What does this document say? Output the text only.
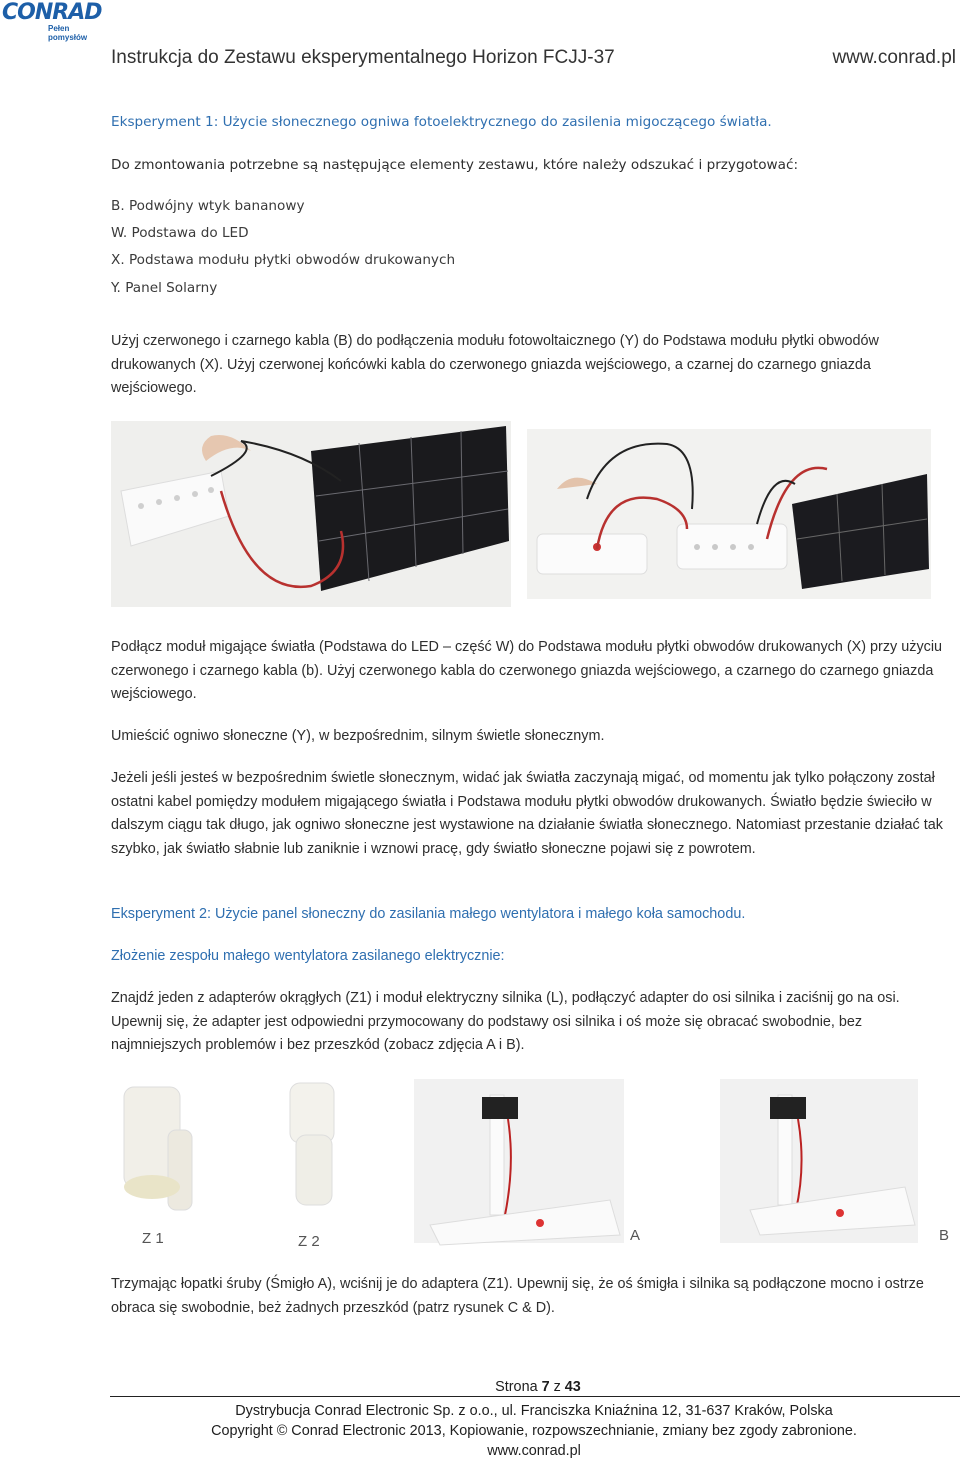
CONRAD
Pełen pomysłów
Instrukcja do Zestawu eksperymentalnego Horizon FCJJ-37	www.conrad.pl
Eksperyment 1: Użycie słonecznego ogniwa fotoelektrycznego do zasilenia migoczącego światła.
Do zmontowania potrzebne są następujące elementy zestawu, które należy odszukać i przygotować:
B. Podwójny wtyk bananowy
W. Podstawa do LED
X. Podstawa modułu płytki obwodów drukowanych
Y. Panel Solarny
Użyj czerwonego i czarnego kabla (B) do podłączenia modułu fotowoltaicznego (Y) do Podstawa modułu płytki obwodów drukowanych (X). Użyj czerwonej końcówki kabla do czerwonego gniazda wejściowego, a czarnej do czarnego gniazda wejściowego.
Podłącz moduł migające światła (Podstawa do LED – część W) do Podstawa modułu płytki obwodów drukowanych (X) przy użyciu czerwonego i czarnego kabla (b). Użyj czerwonego kabla do czerwonego gniazda wejściowego, a czarnego do czarnego gniazda wejściowego.
Umieścić ogniwo słoneczne (Y), w bezpośrednim, silnym świetle słonecznym.
Jeżeli jeśli jesteś w bezpośrednim świetle słonecznym, widać jak światła zaczynają migać, od momentu jak tylko połączony został ostatni kabel pomiędzy modułem migającego światła i Podstawa modułu płytki obwodów drukowanych. Światło będzie świeciło w dalszym ciągu tak długo, jak ogniwo słoneczne jest wystawione na działanie światła słonecznego. Natomiast przestanie działać tak szybko, jak światło słabnie lub zaniknie i wznowi pracę, gdy światło słoneczne pojawi się z powrotem.
Eksperyment 2: Użycie panel słoneczny do zasilania małego wentylatora i małego koła samochodu.
Złożenie zespołu małego wentylatora zasilanego elektrycznie:
Znajdź jeden z adapterów okrągłych (Z1) i moduł elektryczny silnika (L), podłączyć adapter do osi silnika i zaciśnij go na osi. Upewnij się, że adapter jest odpowiedni przymocowany do podstawy osi silnika i oś może się obracać swobodnie, bez najmniejszych problemów i bez przeszkód (zobacz zdjęcia A i B).
Z 1	Z 2	A	B
Trzymając łopatki śruby (Śmigło A), wciśnij je do adaptera (Z1). Upewnij się, że oś śmigła i silnika są podłączone mocno i ostrze obraca się swobodnie, beż żadnych przeszkód (patrz rysunek C & D).
Strona 7 z 43
Dystrybucja Conrad Electronic Sp. z o.o., ul. Franciszka Kniaźnina 12, 31-637 Kraków, Polska
Copyright © Conrad Electronic 2013, Kopiowanie, rozpowszechnianie, zmiany bez zgody zabronione.
www.conrad.pl
